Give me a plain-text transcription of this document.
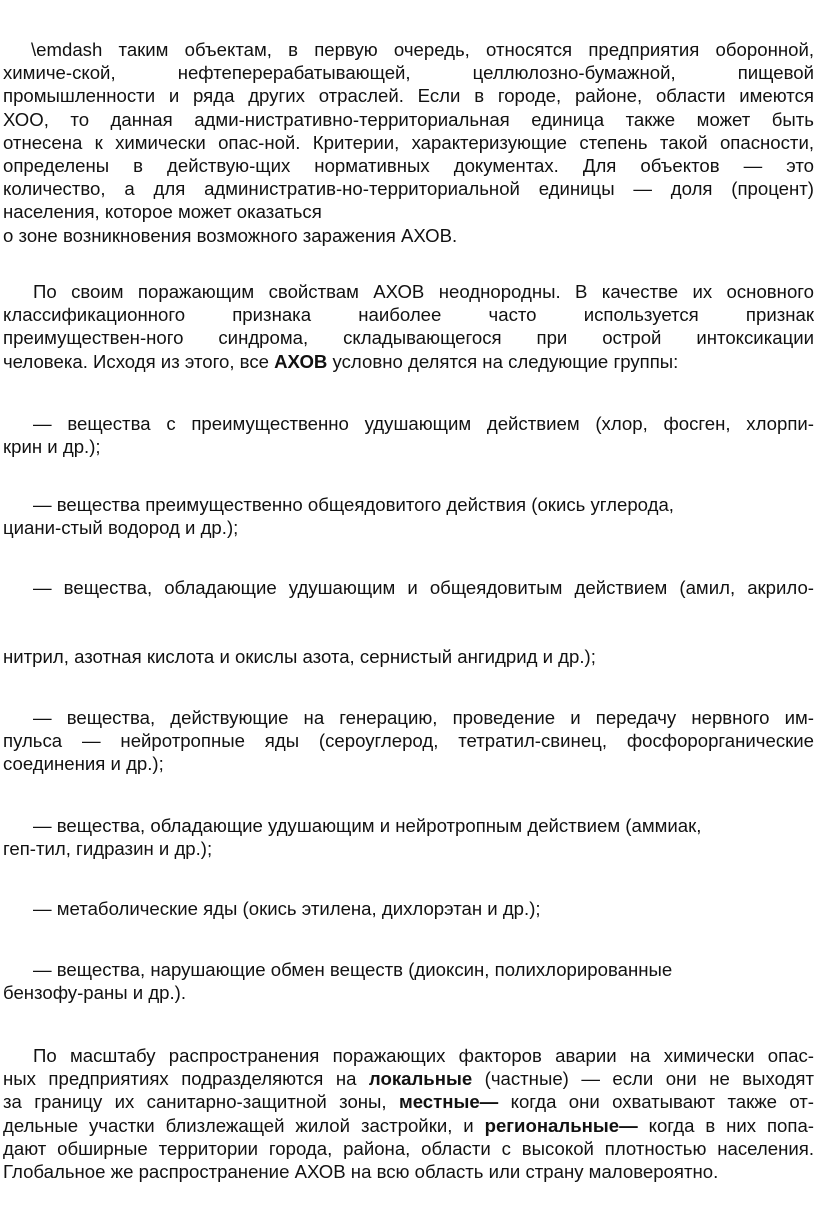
\emdash таким объектам, в первую очередь, относятся предприятия оборонной,
химиче-ской, нефтеперерабатывающей, целлюлозно-бумажной, пищевой
промышленности и ряда других отраслей. Если в городе, районе, области имеются
ХОО, то данная адми-нистративно-территориальная единица также может быть
отнесена к химически опас-ной. Критерии, характеризующие степень такой опасности,
определены в действую-щих нормативных документах. Для объектов — это
количество, а для административ-но-территориальной единицы — доля (процент)
населения, которое может оказаться
о зоне возникновения возможного заражения АХОВ.
По своим поражающим свойствам АХОВ неоднородны. В качестве их основного
классификационного признака наиболее часто используется признак
преимуществен-ного синдрома, складывающегося при острой интоксикации
человека. Исходя из этого, все АХОВ условно делятся на следующие группы:
— вещества с преимущественно удушающим действием (хлор, фосген, хлорпи-
крин и др.);
— вещества преимущественно общеядовитого действия (окись углерода,
циани-стый водород и др.);
— вещества, обладающие удушающим и общеядовитым действием (амил, акрило-
нитрил, азотная кислота и окислы азота, сернистый ангидрид и др.);
— вещества, действующие на генерацию, проведение и передачу нервного им-
пульса — нейротропные яды (сероуглерод, тетратил-свинец, фосфорорганические
соединения и др.);
— вещества, обладающие удушающим и нейротропным действием (аммиак,
геп-тил, гидразин и др.);
— метаболические яды (окись этилена, дихлорэтан и др.);
— вещества, нарушающие обмен веществ (диоксин, полихлорированные
бензофу-раны и др.).
По масштабу распространения поражающих факторов аварии на химически опас-
ных предприятиях подразделяются на локальные (частные) — если они не выходят
за границу их санитарно-защитной зоны, местные— когда они охватывают также от-
дельные участки близлежащей жилой застройки, и региональные— когда в них попа-
дают обширные территории города, района, области с высокой плотностью населения.
Глобальное же распространение АХОВ на всю область или страну маловероятно.
